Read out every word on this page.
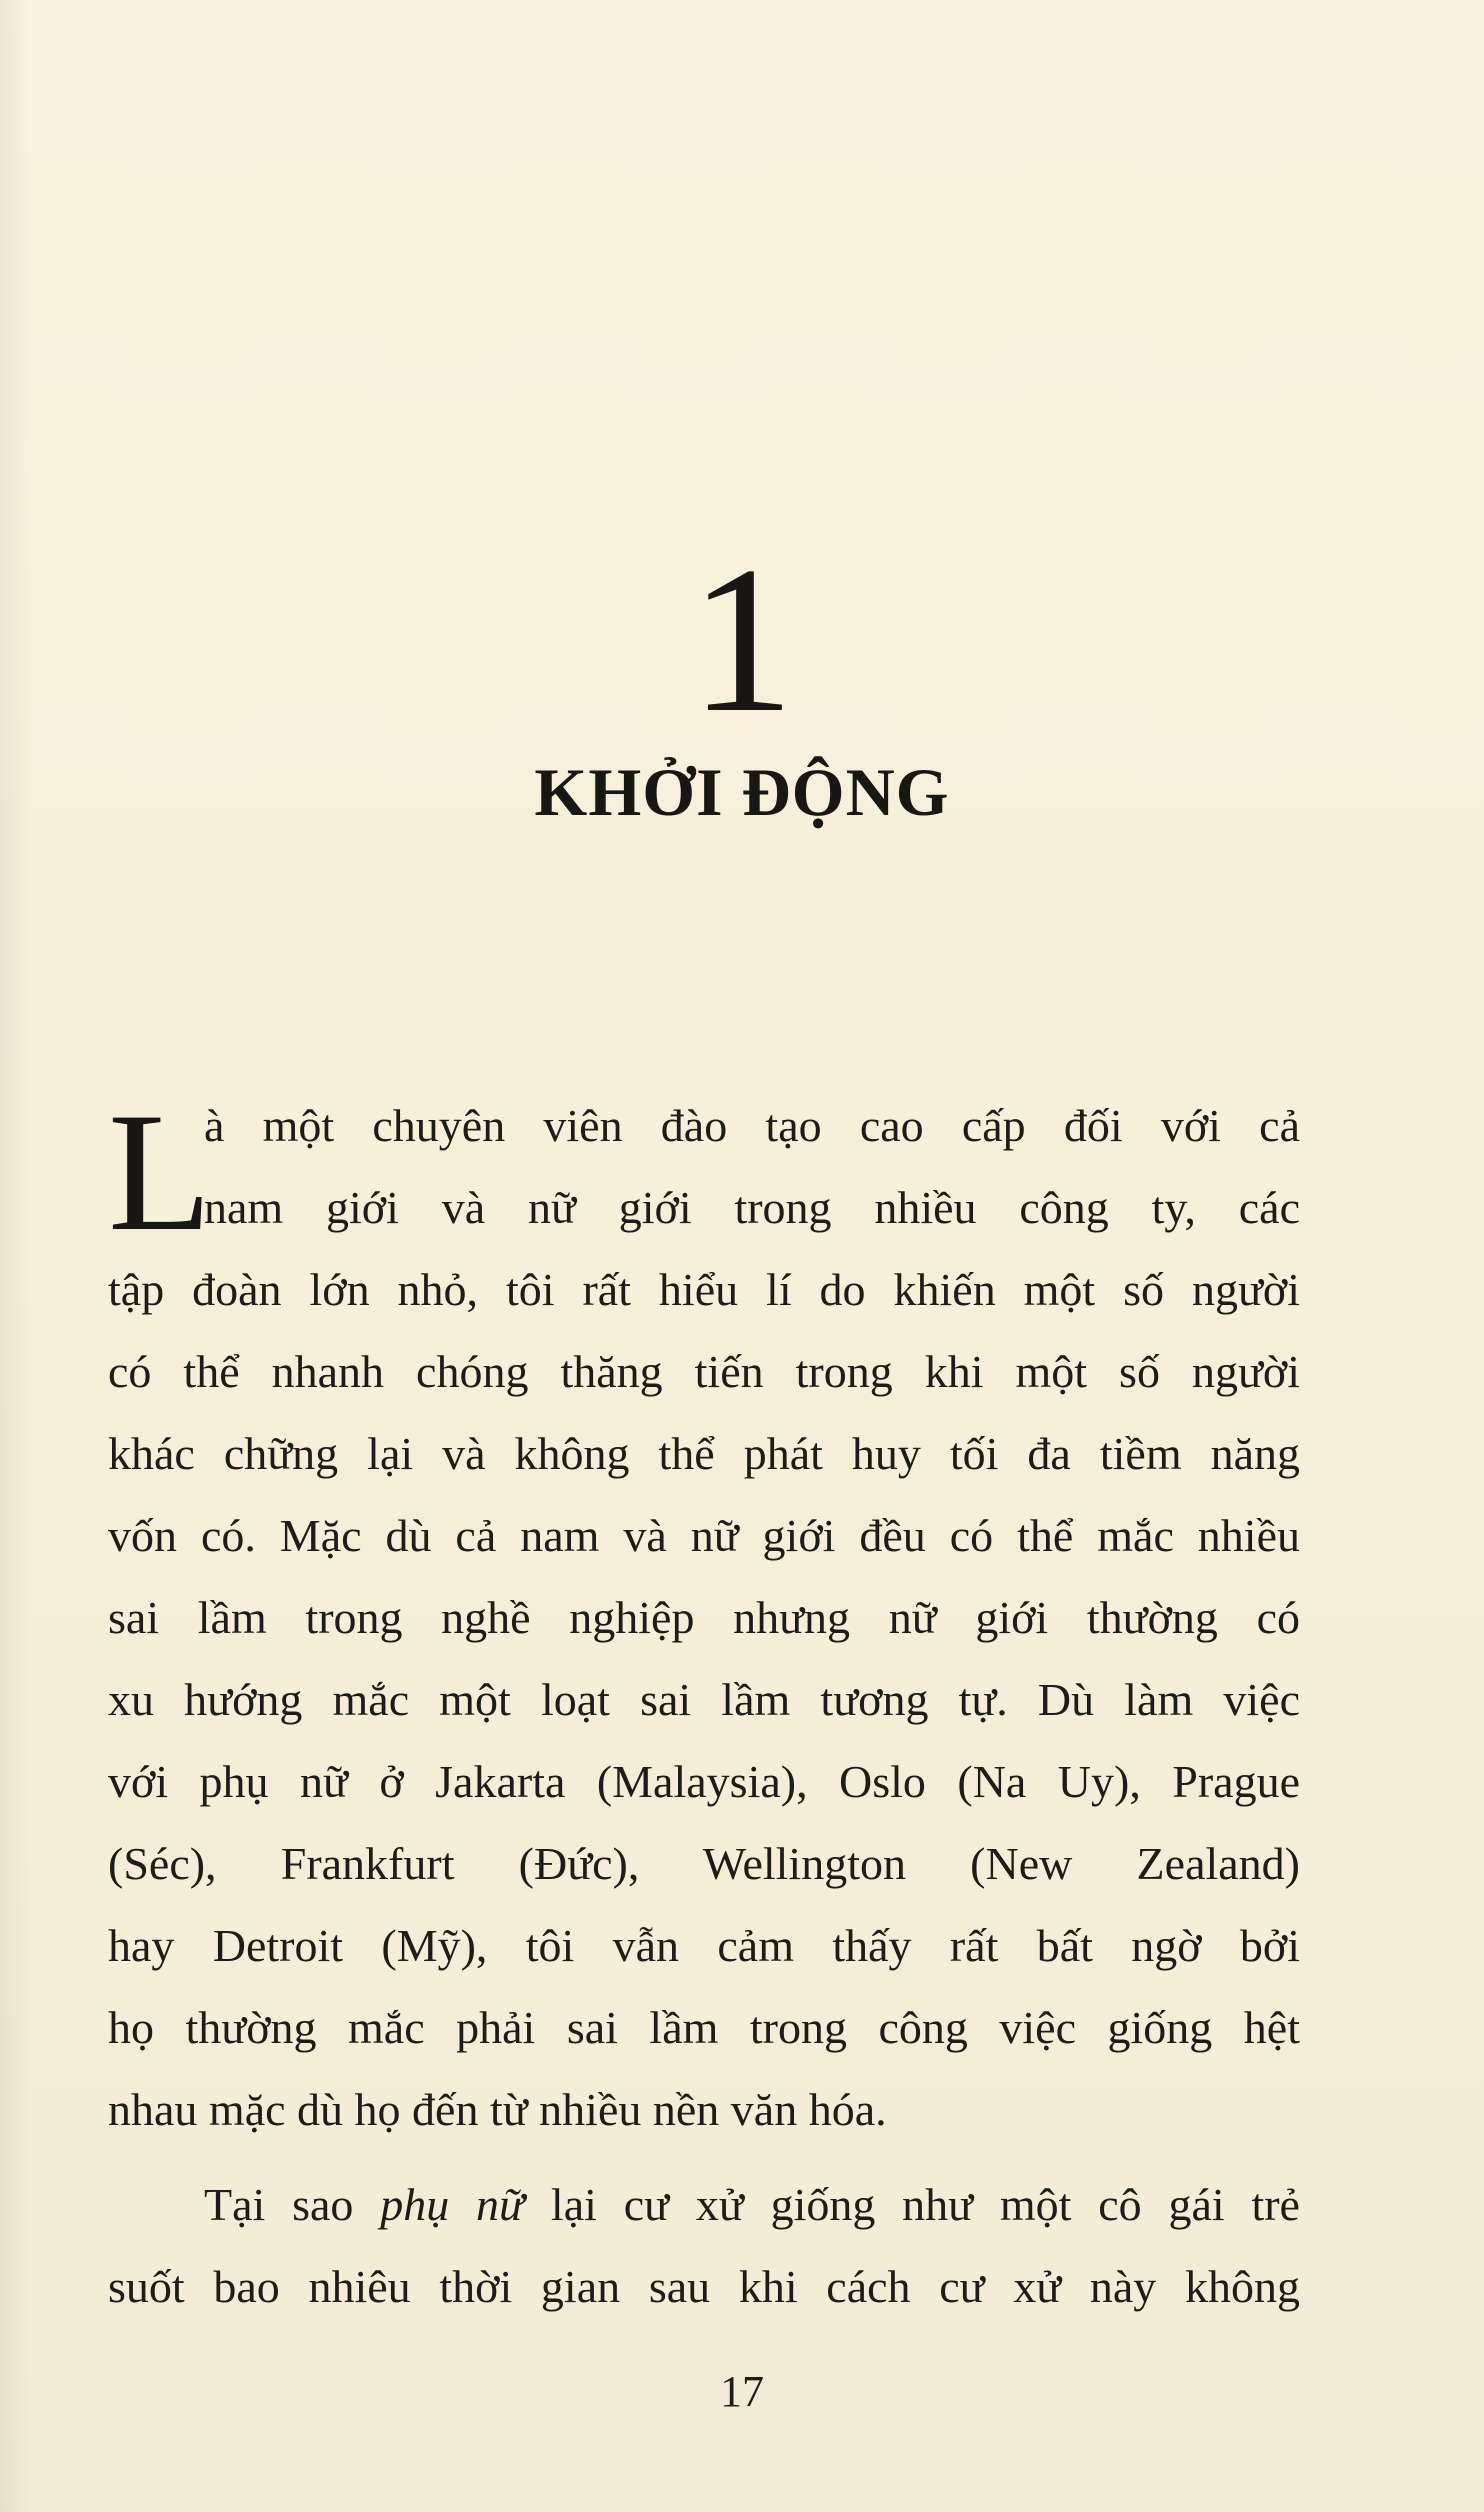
1
KHỞI ĐỘNG
L
à một chuyên viên đào tạo cao cấp đối với cả
nam giới và nữ giới trong nhiều công ty, các
tập đoàn lớn nhỏ, tôi rất hiểu lí do khiến một số người
có thể nhanh chóng thăng tiến trong khi một số người
khác chững lại và không thể phát huy tối đa tiềm năng
vốn có. Mặc dù cả nam và nữ giới đều có thể mắc nhiều
sai lầm trong nghề nghiệp nhưng nữ giới thường có
xu hướng mắc một loạt sai lầm tương tự. Dù làm việc
với phụ nữ ở Jakarta (Malaysia), Oslo (Na Uy), Prague
(Séc), Frankfurt (Đức), Wellington (New Zealand)
hay Detroit (Mỹ), tôi vẫn cảm thấy rất bất ngờ bởi
họ thường mắc phải sai lầm trong công việc giống hệt
nhau mặc dù họ đến từ nhiều nền văn hóa.
Tại sao phụ nữ lại cư xử giống như một cô gái trẻ
suốt bao nhiêu thời gian sau khi cách cư xử này không
17
